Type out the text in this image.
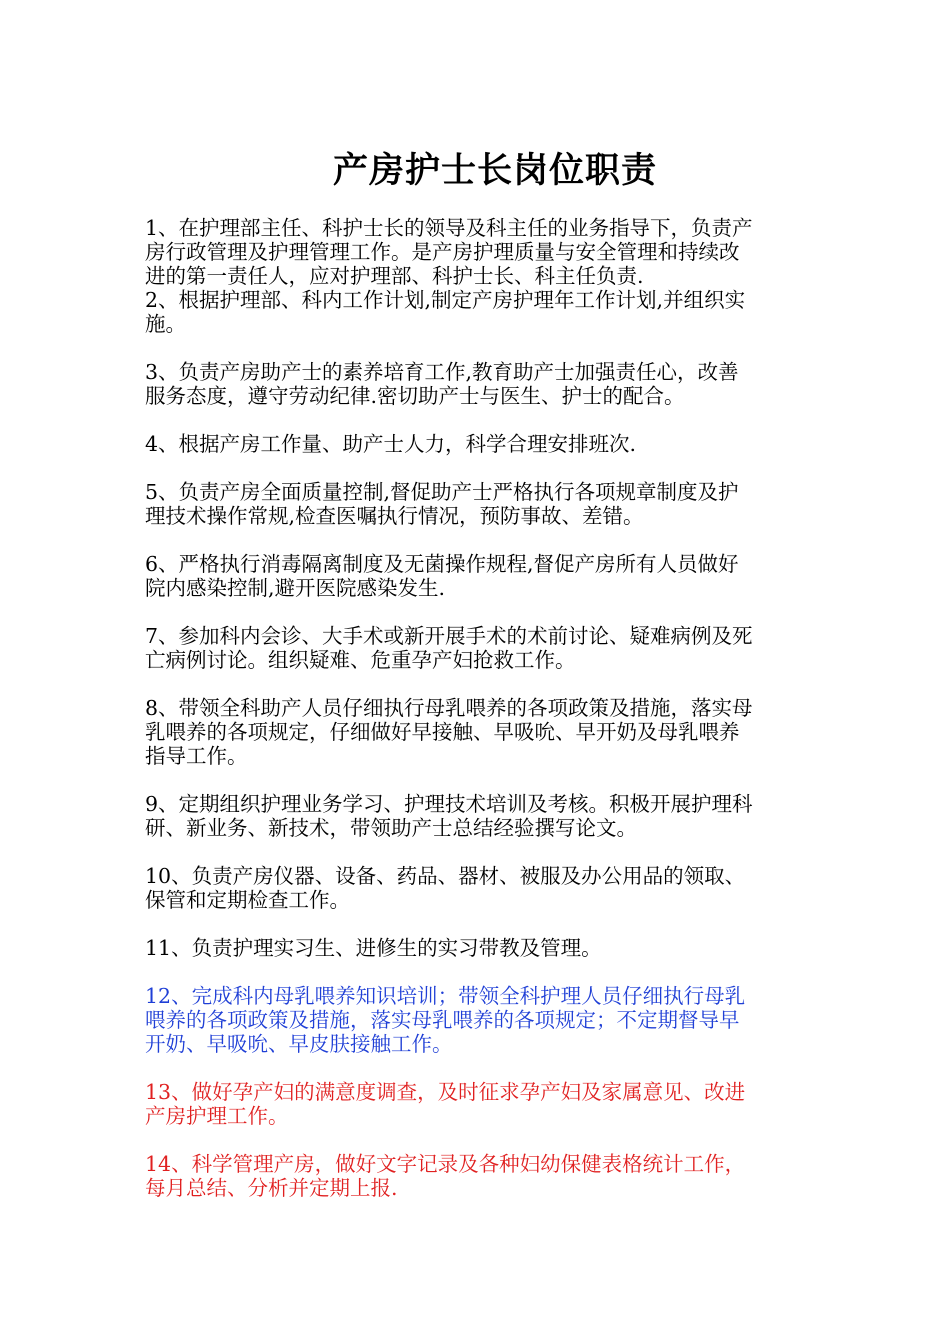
产房护士长岗位职责

1、在护理部主任、科护士长的领导及科主任的业务指导下，负责产
房行政管理及护理管理工作。是产房护理质量与安全管理和持续改
进的第一责任人，应对护理部、科护士长、科主任负责.

2、根据护理部、科内工作计划,制定产房护理年工作计划,并组织实
施。

3、负责产房助产士的素养培育工作,教育助产士加强责任心，改善
服务态度，遵守劳动纪律.密切助产士与医生、护士的配合。

4、根据产房工作量、助产士人力，科学合理安排班次.

5、负责产房全面质量控制,督促助产士严格执行各项规章制度及护
理技术操作常规,检查医嘱执行情况，预防事故、差错。

6、严格执行消毒隔离制度及无菌操作规程,督促产房所有人员做好
院内感染控制,避开医院感染发生.

7、参加科内会诊、大手术或新开展手术的术前讨论、疑难病例及死
亡病例讨论。组织疑难、危重孕产妇抢救工作。

8、带领全科助产人员仔细执行母乳喂养的各项政策及措施，落实母
乳喂养的各项规定，仔细做好早接触、早吸吮、早开奶及母乳喂养
指导工作。

9、定期组织护理业务学习、护理技术培训及考核。积极开展护理科
研、新业务、新技术，带领助产士总结经验撰写论文。

10、负责产房仪器、设备、药品、器材、被服及办公用品的领取、
保管和定期检查工作。

11、负责护理实习生、进修生的实习带教及管理。

12、完成科内母乳喂养知识培训；带领全科护理人员仔细执行母乳
喂养的各项政策及措施，落实母乳喂养的各项规定；不定期督导早
开奶、早吸吮、早皮肤接触工作。

13、做好孕产妇的满意度调查，及时征求孕产妇及家属意见、改进
产房护理工作。

14、科学管理产房，做好文字记录及各种妇幼保健表格统计工作，
每月总结、分析并定期上报.
